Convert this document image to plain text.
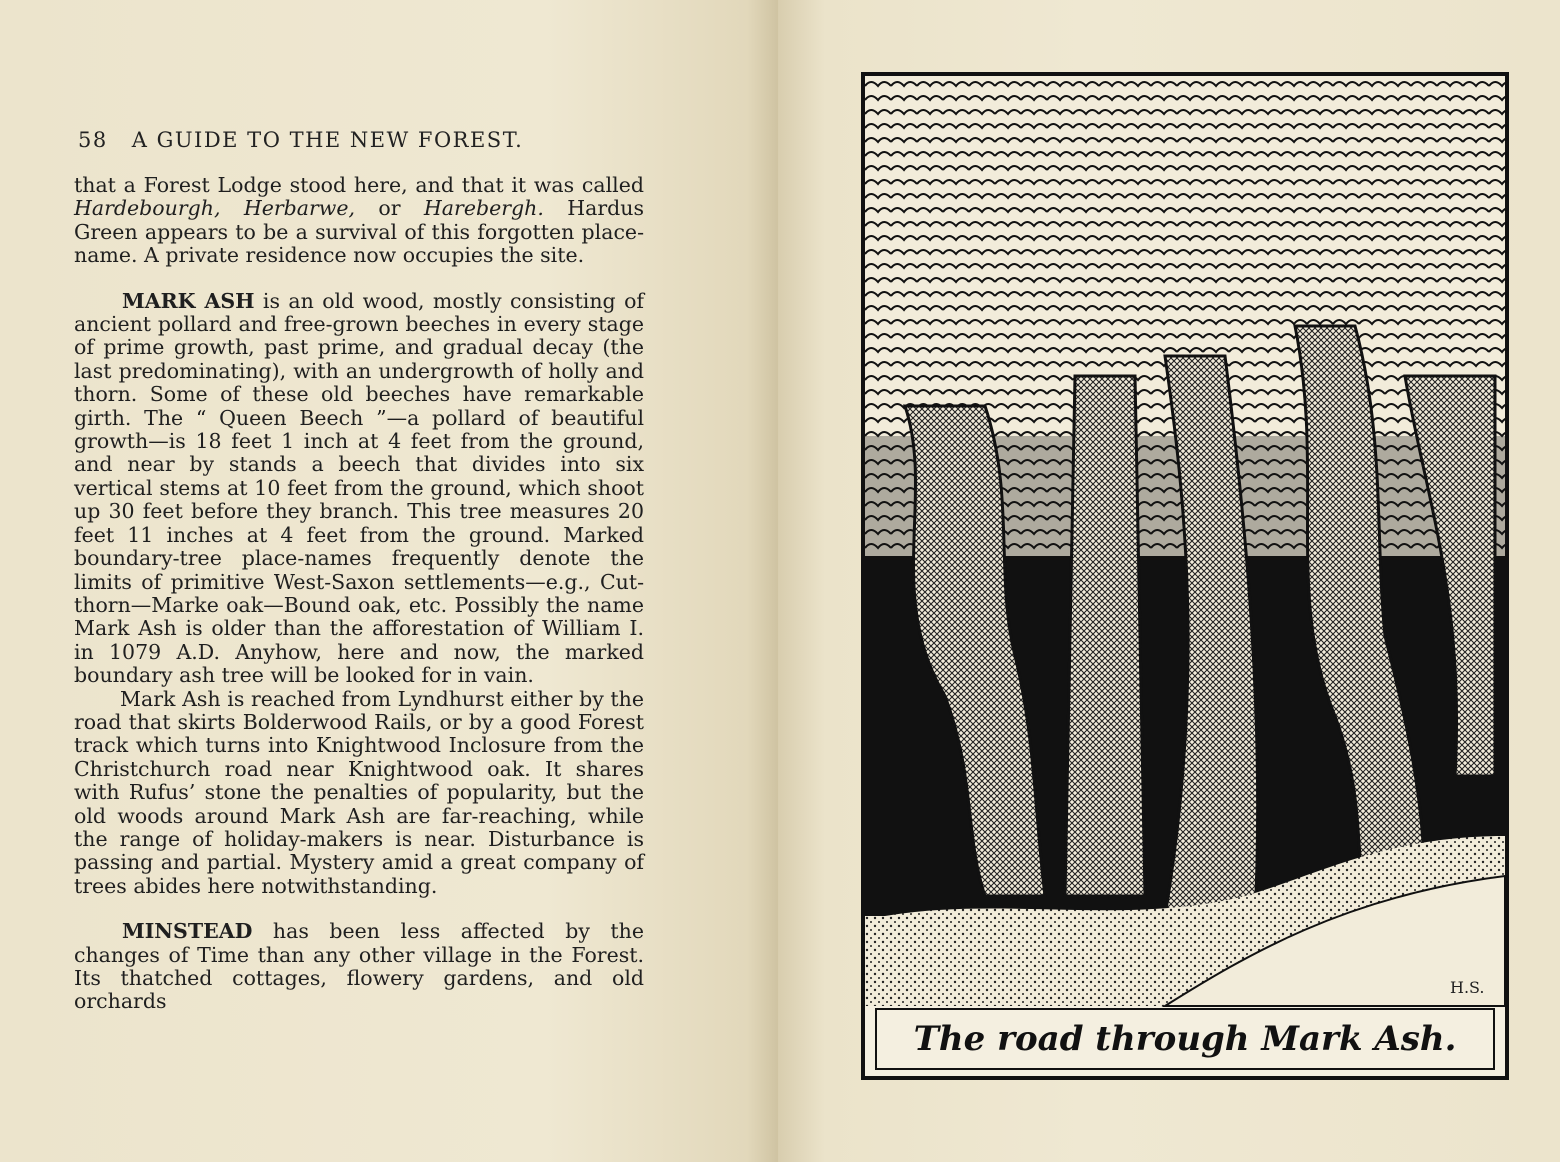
58 A GUIDE TO THE NEW FOREST.

that a Forest Lodge stood here, and that it was called Hardebourgh, Herbarwe, or Harebergh. Hardus Green appears to be a survival of this forgotten place-name. A private residence now occupies the site.

MARK ASH is an old wood, mostly consisting of ancient pollard and free-grown beeches in every stage of prime growth, past prime, and gradual decay (the last predominating), with an undergrowth of holly and thorn. Some of these old beeches have remarkable girth. The “ Queen Beech ”—a pollard of beautiful growth—is 18 feet 1 inch at 4 feet from the ground, and near by stands a beech that divides into six vertical stems at 10 feet from the ground, which shoot up 30 feet before they branch. This tree measures 20 feet 11 inches at 4 feet from the ground. Marked boundary-tree place-names frequently denote the limits of primitive West-Saxon settlements—e.g., Cut-thorn—Marke oak—Bound oak, etc. Possibly the name Mark Ash is older than the afforestation of William I. in 1079 A.D. Anyhow, here and now, the marked boundary ash tree will be looked for in vain.

Mark Ash is reached from Lyndhurst either by the road that skirts Bolderwood Rails, or by a good Forest track which turns into Knightwood Inclosure from the Christchurch road near Knightwood oak. It shares with Rufus’ stone the penalties of popularity, but the old woods around Mark Ash are far-reaching, while the range of holiday-makers is near. Disturbance is passing and partial. Mystery amid a great company of trees abides here notwithstanding.

MINSTEAD has been less affected by the changes of Time than any other village in the Forest. Its thatched cottages, flowery gardens, and old orchards

H.S.
The road through Mark Ash.
